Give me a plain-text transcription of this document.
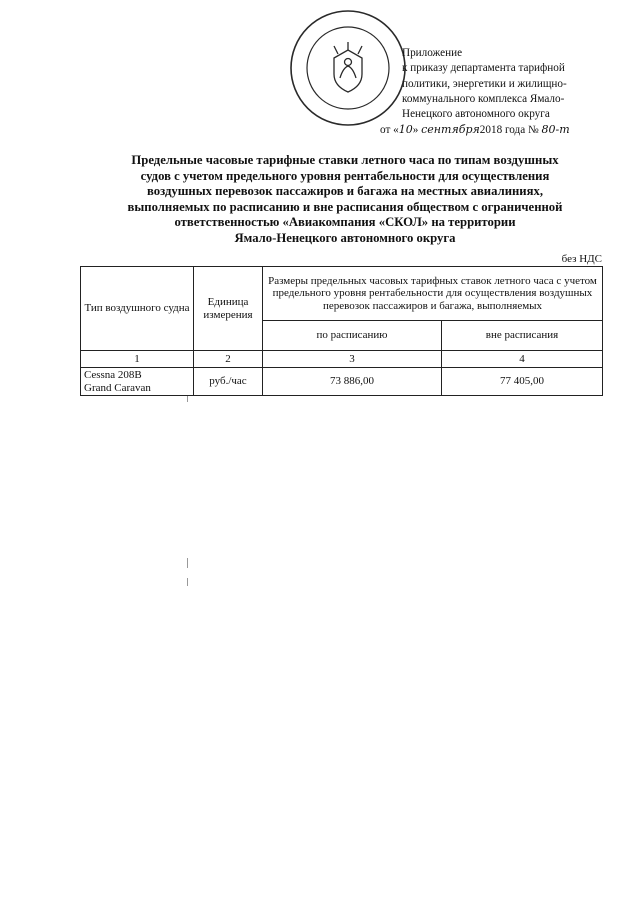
Приложение
к приказу департамента тарифной
политики, энергетики и жилищно-
коммунального комплекса Ямало-
Ненецкого автономного округа
от «10» сентября2018 года № 80-т
Предельные часовые тарифные ставки летного часа по типам воздушных
судов с учетом предельного уровня рентабельности для осуществления
воздушных перевозок пассажиров и багажа на местных авиалиниях,
выполняемых по расписанию и вне расписания обществом с ограниченной
ответственностью «Авиакомпания «СКОЛ» на территории
Ямало-Ненецкого автономного округа
без НДС
Тип воздушного судна	Единица измерения	Размеры предельных часовых тарифных ставок летного часа с учетом предельного уровня рентабельности для осуществления воздушных перевозок пассажиров и багажа, выполняемых	
		по расписанию	вне расписания
1	2	3	4
Cessna 208B
Grand Caravan	руб./час	73 886,00	77 405,00
